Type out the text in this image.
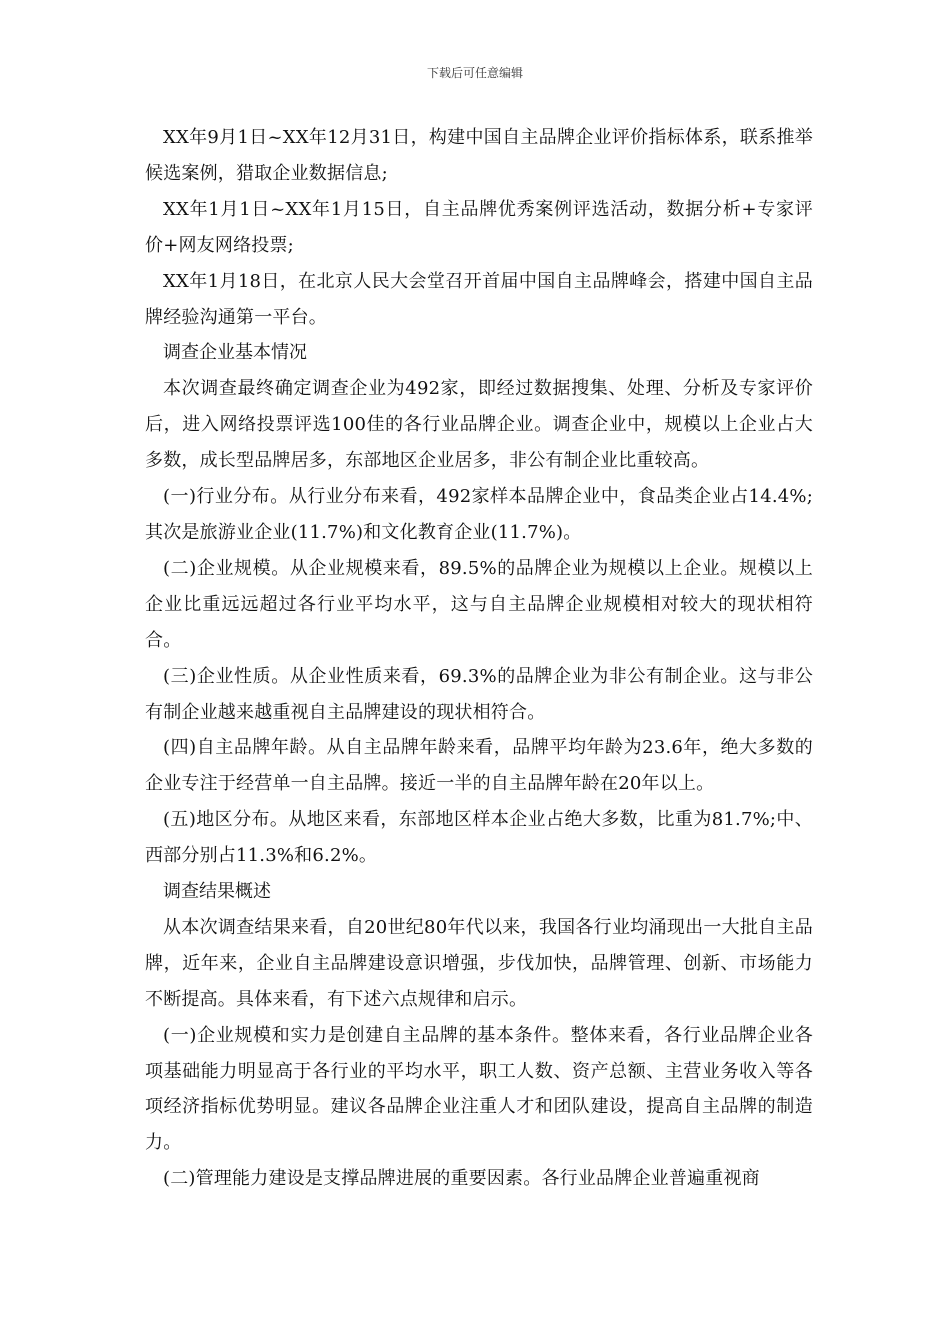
下载后可任意编辑

XX年9月1日~XX年12月31日，构建中国自主品牌企业评价指标体系，联系推举候选案例，猎取企业数据信息;

XX年1月1日~XX年1月15日，自主品牌优秀案例评选活动，数据分析+专家评价+网友网络投票;

XX年1月18日，在北京人民大会堂召开首届中国自主品牌峰会，搭建中国自主品牌经验沟通第一平台。

调查企业基本情况

本次调查最终确定调查企业为492家，即经过数据搜集、处理、分析及专家评价后，进入网络投票评选100佳的各行业品牌企业。调查企业中，规模以上企业占大多数，成长型品牌居多，东部地区企业居多，非公有制企业比重较高。

(一)行业分布。从行业分布来看，492家样本品牌企业中，食品类企业占14.4%;其次是旅游业企业(11.7%)和文化教育企业(11.7%)。

(二)企业规模。从企业规模来看，89.5%的品牌企业为规模以上企业。规模以上企业比重远远超过各行业平均水平，这与自主品牌企业规模相对较大的现状相符合。

(三)企业性质。从企业性质来看，69.3%的品牌企业为非公有制企业。这与非公有制企业越来越重视自主品牌建设的现状相符合。

(四)自主品牌年龄。从自主品牌年龄来看，品牌平均年龄为23.6年，绝大多数的企业专注于经营单一自主品牌。接近一半的自主品牌年龄在20年以上。

(五)地区分布。从地区来看，东部地区样本企业占绝大多数，比重为81.7%;中、西部分别占11.3%和6.2%。

调查结果概述

从本次调查结果来看，自20世纪80年代以来，我国各行业均涌现出一大批自主品牌，近年来，企业自主品牌建设意识增强，步伐加快，品牌管理、创新、市场能力不断提高。具体来看，有下述六点规律和启示。

(一)企业规模和实力是创建自主品牌的基本条件。整体来看，各行业品牌企业各项基础能力明显高于各行业的平均水平，职工人数、资产总额、主营业务收入等各项经济指标优势明显。建议各品牌企业注重人才和团队建设，提高自主品牌的制造力。

(二)管理能力建设是支撑品牌进展的重要因素。各行业品牌企业普遍重视商
